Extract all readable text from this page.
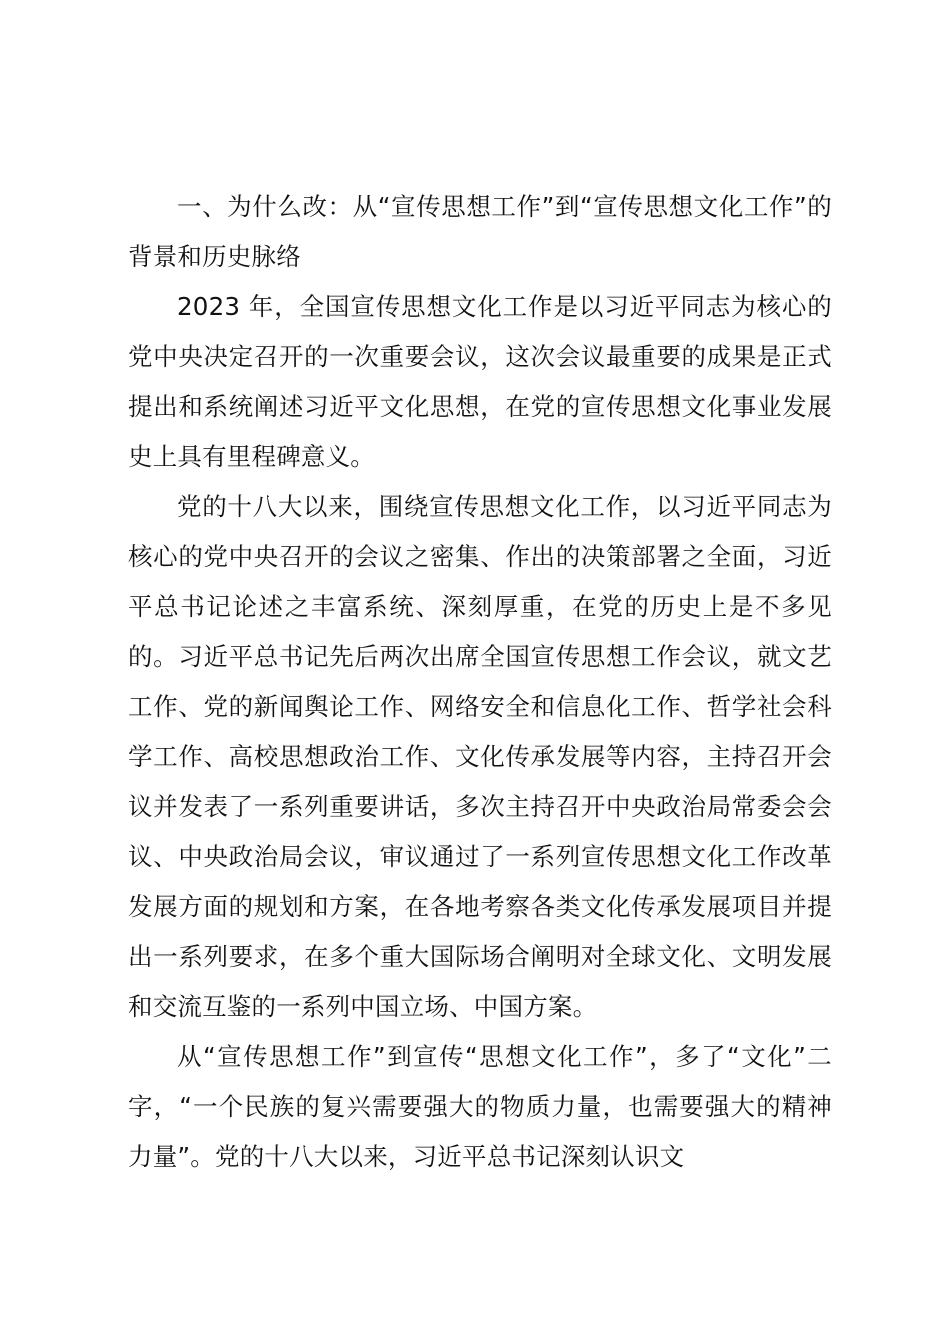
一、为什么改：从“宣传思想工作”到“宣传思想文化工作”的背景和历史脉络

2023 年，全国宣传思想文化工作是以习近平同志为核心的党中央决定召开的一次重要会议，这次会议最重要的成果是正式提出和系统阐述习近平文化思想，在党的宣传思想文化事业发展史上具有里程碑意义。

党的十八大以来，围绕宣传思想文化工作，以习近平同志为核心的党中央召开的会议之密集、作出的决策部署之全面，习近平总书记论述之丰富系统、深刻厚重，在党的历史上是不多见的。习近平总书记先后两次出席全国宣传思想工作会议，就文艺工作、党的新闻舆论工作、网络安全和信息化工作、哲学社会科学工作、高校思想政治工作、文化传承发展等内容，主持召开会议并发表了一系列重要讲话，多次主持召开中央政治局常委会会议、中央政治局会议，审议通过了一系列宣传思想文化工作改革发展方面的规划和方案，在各地考察各类文化传承发展项目并提出一系列要求，在多个重大国际场合阐明对全球文化、文明发展和交流互鉴的一系列中国立场、中国方案。

从“宣传思想工作”到宣传“思想文化工作”，多了“文化”二字，“一个民族的复兴需要强大的物质力量，也需要强大的精神力量”。党的十八大以来，习近平总书记深刻认识文
